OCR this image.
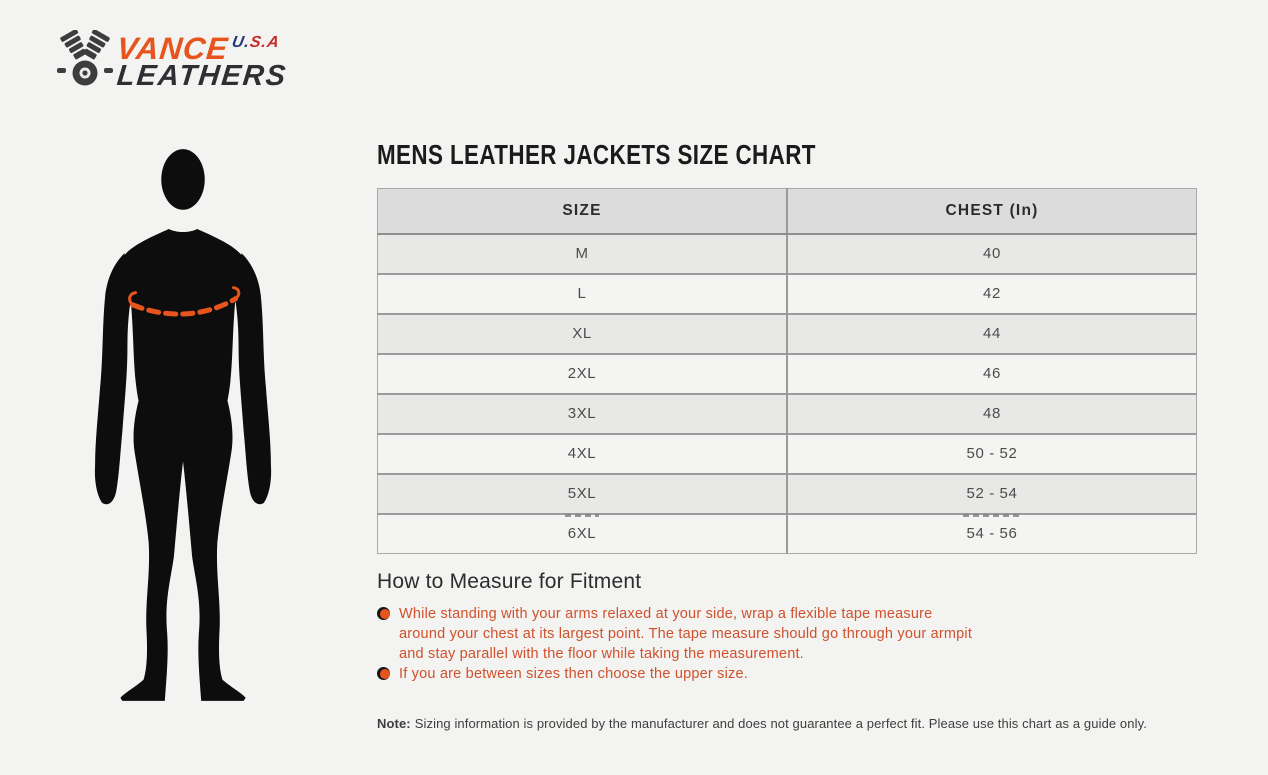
VANCE U.S.A
LEATHERS
MENS LEATHER JACKETS SIZE CHART
SIZE	CHEST (In)
M	40
L	42
XL	44
2XL	46
3XL	48
4XL	50 - 52
5XL	52 - 54
6XL	54 - 56
How to Measure for Fitment
While standing with your arms relaxed at your side, wrap a flexible tape measure around your chest at its largest point. The tape measure should go through your armpit and stay parallel with the floor while taking the measurement.
If you are between sizes then choose the upper size.
Note: Sizing information is provided by the manufacturer and does not guarantee a perfect fit. Please use this chart as a guide only.
